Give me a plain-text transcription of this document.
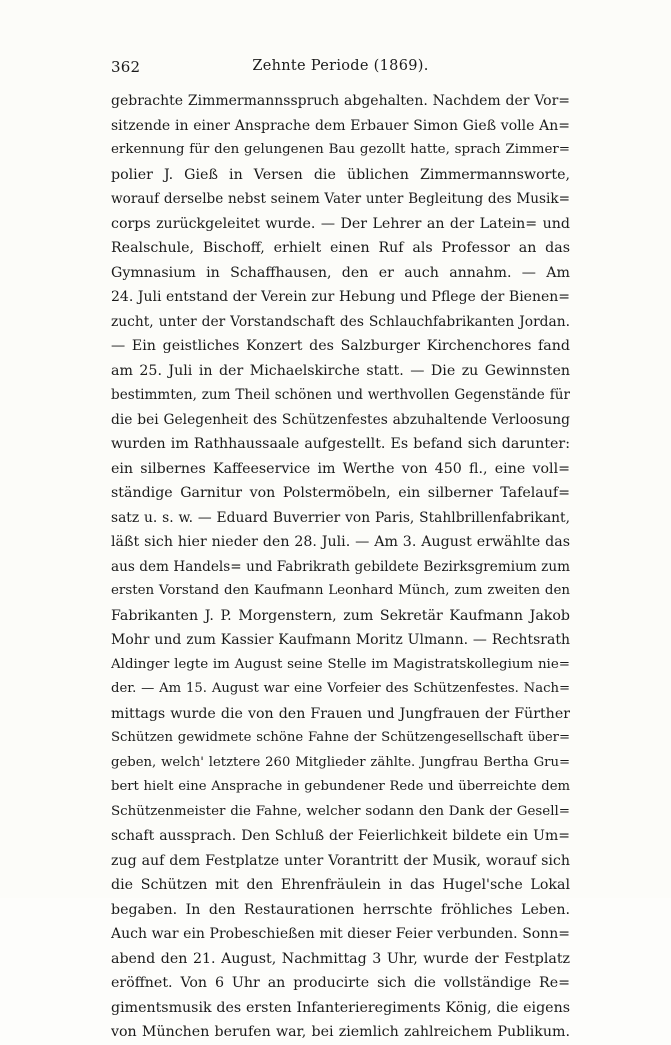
362	Zehnte Periode (1869).
gebrachte Zimmermannsspruch abgehalten. Nachdem der Vor=
sitzende in einer Ansprache dem Erbauer Simon Gieß volle An=
erkennung für den gelungenen Bau gezollt hatte, sprach Zimmer=
polier J. Gieß in Versen die üblichen Zimmermannsworte,
worauf derselbe nebst seinem Vater unter Begleitung des Musik=
corps zurückgeleitet wurde. — Der Lehrer an der Latein= und
Realschule, Bischoff, erhielt einen Ruf als Professor an das
Gymnasium in Schaffhausen, den er auch annahm. — Am
24. Juli entstand der Verein zur Hebung und Pflege der Bienen=
zucht, unter der Vorstandschaft des Schlauchfabrikanten Jordan.
— Ein geistliches Konzert des Salzburger Kirchenchores fand
am 25. Juli in der Michaelskirche statt. — Die zu Gewinnsten
bestimmten, zum Theil schönen und werthvollen Gegenstände für
die bei Gelegenheit des Schützenfestes abzuhaltende Verloosung
wurden im Rathhaussaale aufgestellt. Es befand sich darunter:
ein silbernes Kaffeeservice im Werthe von 450 fl., eine voll=
ständige Garnitur von Polstermöbeln, ein silberner Tafelauf=
satz u. s. w. — Eduard Buverrier von Paris, Stahlbrillenfabrikant,
läßt sich hier nieder den 28. Juli. — Am 3. August erwählte das
aus dem Handels= und Fabrikrath gebildete Bezirksgremium zum
ersten Vorstand den Kaufmann Leonhard Münch, zum zweiten den
Fabrikanten J. P. Morgenstern, zum Sekretär Kaufmann Jakob
Mohr und zum Kassier Kaufmann Moritz Ulmann. — Rechtsrath
Aldinger legte im August seine Stelle im Magistratskollegium nie=
der. — Am 15. August war eine Vorfeier des Schützenfestes. Nach=
mittags wurde die von den Frauen und Jungfrauen der Fürther
Schützen gewidmete schöne Fahne der Schützengesellschaft über=
geben, welch' letztere 260 Mitglieder zählte. Jungfrau Bertha Gru=
bert hielt eine Ansprache in gebundener Rede und überreichte dem
Schützenmeister die Fahne, welcher sodann den Dank der Gesell=
schaft aussprach. Den Schluß der Feierlichkeit bildete ein Um=
zug auf dem Festplatze unter Vorantritt der Musik, worauf sich
die Schützen mit den Ehrenfräulein in das Hugel'sche Lokal
begaben. In den Restaurationen herrschte fröhliches Leben.
Auch war ein Probeschießen mit dieser Feier verbunden. Sonn=
abend den 21. August, Nachmittag 3 Uhr, wurde der Festplatz
eröffnet. Von 6 Uhr an producirte sich die vollständige Re=
gimentsmusik des ersten Infanterieregiments König, die eigens
von München berufen war, bei ziemlich zahlreichem Publikum.
